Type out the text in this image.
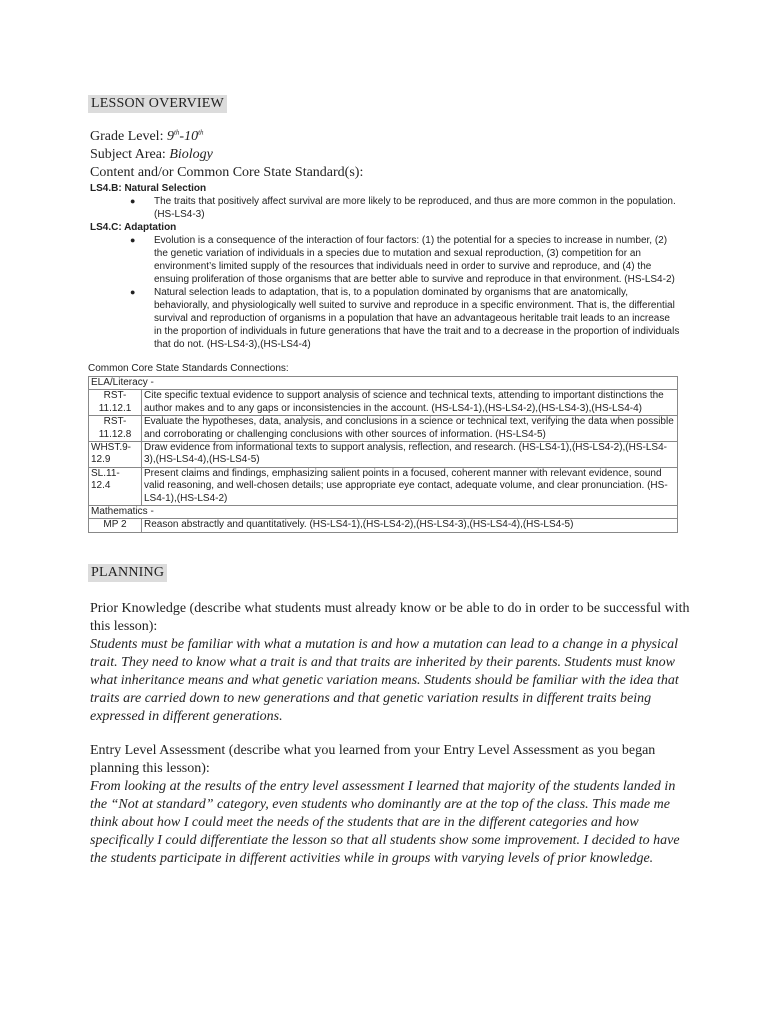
LESSON OVERVIEW
Grade Level: 9th-10th
Subject Area: Biology
Content and/or Common Core State Standard(s):
LS4.B: Natural Selection
● The traits that positively affect survival are more likely to be reproduced, and thus are more common in the population. (HS-LS4-3)
LS4.C: Adaptation
● Evolution is a consequence of the interaction of four factors: (1) the potential for a species to increase in number, (2) the genetic variation of individuals in a species due to mutation and sexual reproduction, (3) competition for an environment’s limited supply of the resources that individuals need in order to survive and reproduce, and (4) the ensuing proliferation of those organisms that are better able to survive and reproduce in that environment. (HS-LS4-2)
● Natural selection leads to adaptation, that is, to a population dominated by organisms that are anatomically, behaviorally, and physiologically well suited to survive and reproduce in a specific environment. That is, the differential survival and reproduction of organisms in a population that have an advantageous heritable trait leads to an increase in the proportion of individuals in future generations that have the trait and to a decrease in the proportion of individuals that do not. (HS-LS4-3),(HS-LS4-4)
Common Core State Standards Connections:
ELA/Literacy -	
RST-11.12.1	Cite specific textual evidence to support analysis of science and technical texts, attending to important distinctions the author makes and to any gaps or inconsistencies in the account. (HS-LS4-1),(HS-LS4-2),(HS-LS4-3),(HS-LS4-4)
RST-11.12.8	Evaluate the hypotheses, data, analysis, and conclusions in a science or technical text, verifying the data when possible and corroborating or challenging conclusions with other sources of information. (HS-LS4-5)
WHST.9-12.9	Draw evidence from informational texts to support analysis, reflection, and research. (HS-LS4-1),(HS-LS4-2),(HS-LS4-3),(HS-LS4-4),(HS-LS4-5)
SL.11-12.4	Present claims and findings, emphasizing salient points in a focused, coherent manner with relevant evidence, sound valid reasoning, and well-chosen details; use appropriate eye contact, adequate volume, and clear pronunciation. (HS-LS4-1),(HS-LS4-2)
Mathematics -	
MP 2	Reason abstractly and quantitatively. (HS-LS4-1),(HS-LS4-2),(HS-LS4-3),(HS-LS4-4),(HS-LS4-5)
PLANNING
Prior Knowledge (describe what students must already know or be able to do in order to be successful with this lesson):
Students must be familiar with what a mutation is and how a mutation can lead to a change in a physical trait. They need to know what a trait is and that traits are inherited by their parents. Students must know what inheritance means and what genetic variation means. Students should be familiar with the idea that traits are carried down to new generations and that genetic variation results in different traits being expressed in different generations.
Entry Level Assessment (describe what you learned from your Entry Level Assessment as you began planning this lesson):
From looking at the results of the entry level assessment I learned that majority of the students landed in the “Not at standard” category, even students who dominantly are at the top of the class. This made me think about how I could meet the needs of the students that are in the different categories and how specifically I could differentiate the lesson so that all students show some improvement. I decided to have the students participate in different activities while in groups with varying levels of prior knowledge.
